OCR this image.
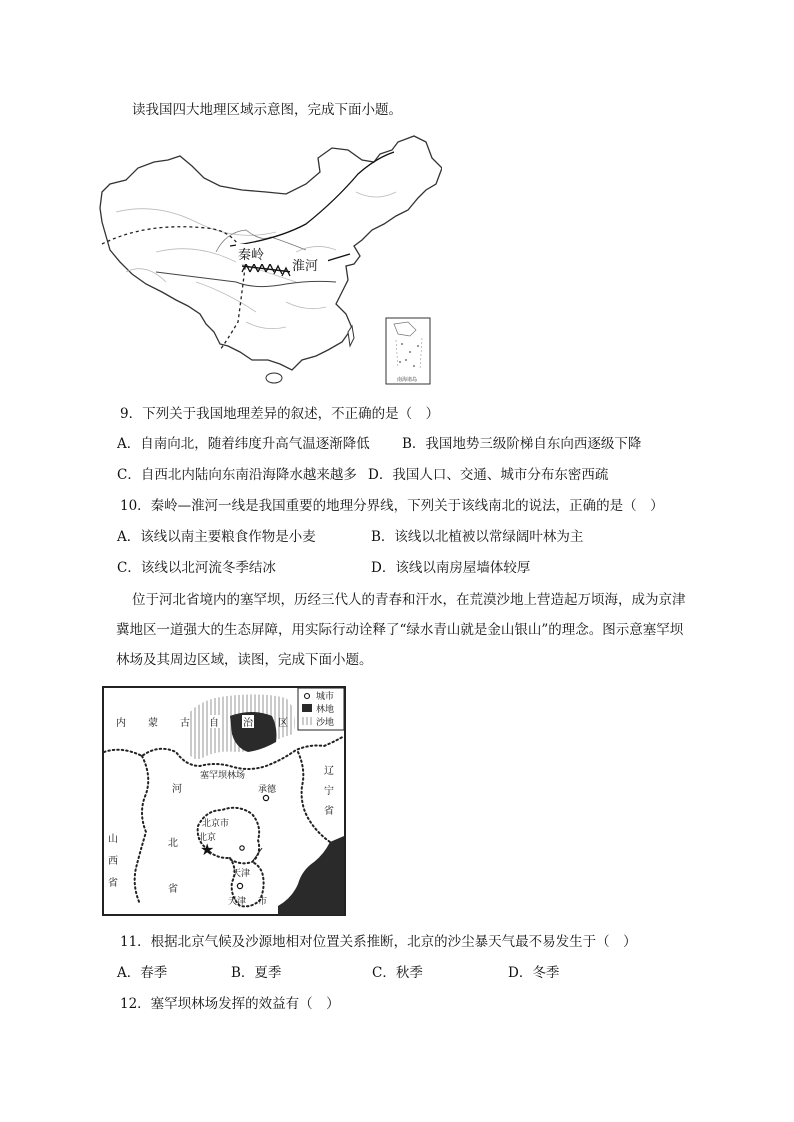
读我国四大地理区域示意图，完成下面小题。
秦岭
淮河
南海诸岛
9．下列关于我国地理差异的叙述，不正确的是（　）
A．自南向北，随着纬度升高气温逐渐降低 B．我国地势三级阶梯自东向西逐级下降
C．自西北内陆向东南沿海降水越来越多 D．我国人口、交通、城市分布东密西疏
10．秦岭—淮河一线是我国重要的地理分界线，下列关于该线南北的说法，正确的是（　）
A．该线以南主要粮食作物是小麦	B．该线以北植被以常绿阔叶林为主
C．该线以北河流冬季结冰	D．该线以南房屋墙体较厚
位于河北省境内的塞罕坝，历经三代人的青春和汗水，在荒漠沙地上营造起万顷海，成为京津冀地区一道强大的生态屏障，用实际行动诠释了“绿水青山就是金山银山”的理念。图示意塞罕坝林场及其周边区域，读图，完成下面小题。
★
内 蒙 古 自 治	区
塞罕坝林场	辽
宁
省
河
北
省
山
西
省
承德
北京市
北京
天津
天津 市
城市
林地
沙地
11．根据北京气候及沙源地相对位置关系推断，北京的沙尘暴天气最不易发生于（　）
A．春季	B．夏季	C．秋季	D．冬季
12．塞罕坝林场发挥的效益有（　）
